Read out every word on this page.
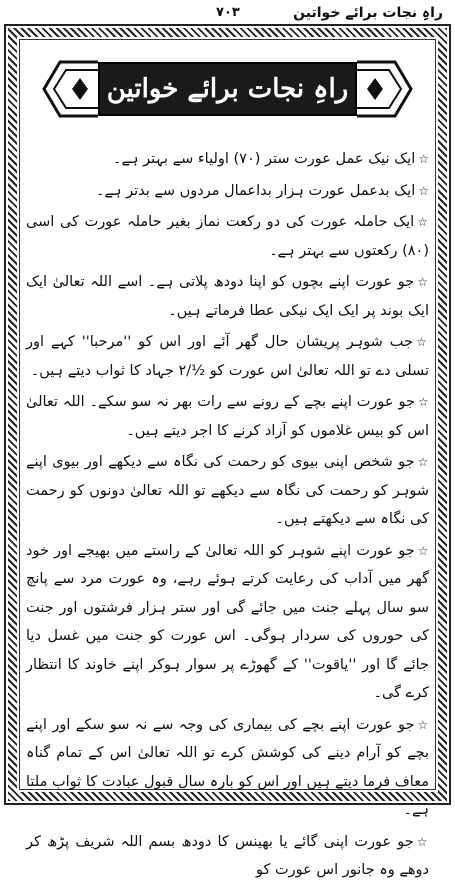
راہِ نجات برائے خواتین
۷۰۳
راہِ نجات برائے خواتین

☆ایک نیک عمل عورت ستر (۷۰) اولیاء سے بہتر ہے۔

☆ایک بدعمل عورت ہزار بداعمال مردوں سے بدتر ہے۔

☆ایک حاملہ عورت کی دو رکعت نماز بغیر حاملہ عورت کی اسی (۸۰) رکعتوں سے بہتر ہے۔

☆جو عورت اپنے بچوں کو اپنا دودھ پلاتی ہے۔ اسے اللہ تعالیٰ ایک ایک بوند پر ایک ایک نیکی عطا فرماتے ہیں۔

☆جب شوہر پریشان حال گھر آئے اور اس کو ''مرحبا'' کہے اور تسلی دے تو اللہ تعالیٰ اس عورت کو ½/۲ جہاد کا ثواب دیتے ہیں۔

☆جو عورت اپنے بچے کے رونے سے رات بھر نہ سو سکے۔ اللہ تعالیٰ اس کو بیس غلاموں کو آزاد کرنے کا اجر دیتے ہیں۔

☆جو شخص اپنی بیوی کو رحمت کی نگاہ سے دیکھے اور بیوی اپنے شوہر کو رحمت کی نگاہ سے دیکھے تو اللہ تعالیٰ دونوں کو رحمت کی نگاہ سے دیکھتے ہیں۔

☆جو عورت اپنے شوہر کو اللہ تعالیٰ کے راستے میں بھیجے اور خود گھر میں آداب کی رعایت کرتے ہوئے رہے، وہ عورت مرد سے پانچ سو سال پہلے جنت میں جائے گی اور ستر ہزار فرشتوں اور جنت کی حوروں کی سردار ہوگی۔ اس عورت کو جنت میں غسل دیا جائے گا اور ''یاقوت'' کے گھوڑے پر سوار ہوکر اپنے خاوند کا انتظار کرے گی۔

☆جو عورت اپنے بچے کی بیماری کی وجہ سے نہ سو سکے اور اپنے بچے کو آرام دینے کی کوشش کرے تو اللہ تعالیٰ اس کے تمام گناہ معاف فرما دیتے ہیں اور اس کو بارہ سال قبول عبادت کا ثواب ملتا ہے۔

☆جو عورت اپنی گائے یا بھینس کا دودھ بسم اللہ شریف پڑھ کر دوھے وہ جانور اس عورت کو
